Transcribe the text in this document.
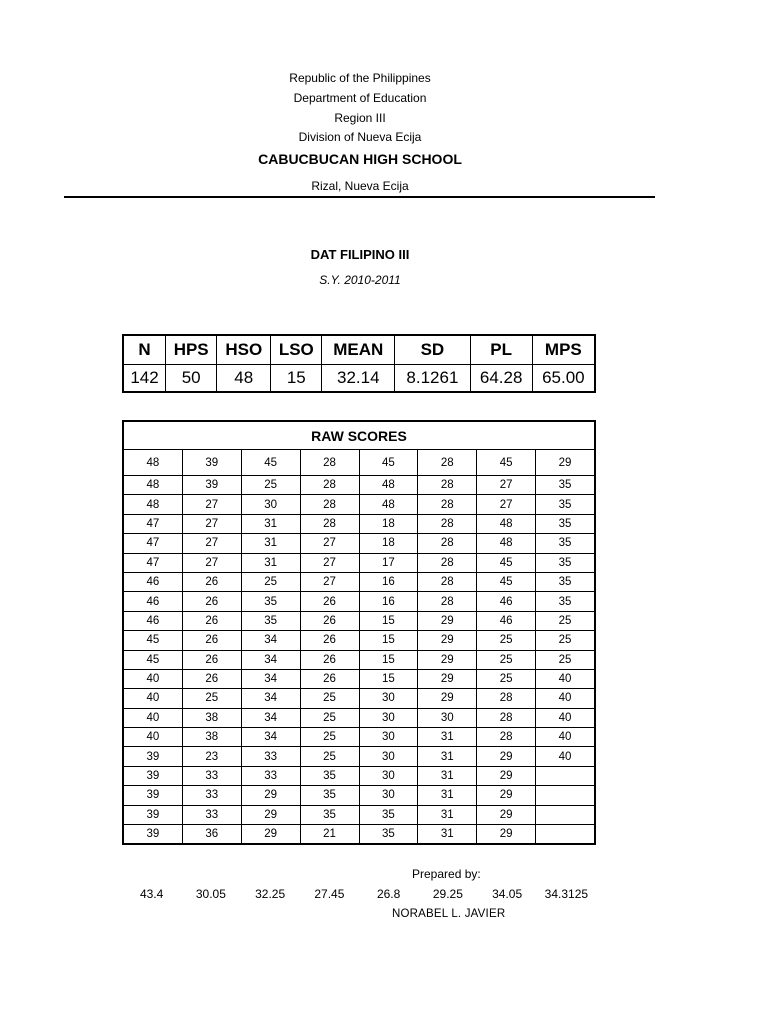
Republic of the Philippines
Department of Education
Region III
Division of Nueva Ecija
CABUCBUCAN HIGH SCHOOL
Rizal, Nueva Ecija
DAT FILIPINO III
S.Y. 2010-2011
N	HPS	HSO	LSO	MEAN	SD	PL	MPS
142	50	48	15	32.14	8.1261	64.28	65.00
RAW SCORES							
48	39	45	28	45	28	45	29
48	39	25	28	48	28	27	35
48	27	30	28	48	28	27	35
47	27	31	28	18	28	48	35
47	27	31	27	18	28	48	35
47	27	31	27	17	28	45	35
46	26	25	27	16	28	45	35
46	26	35	26	16	28	46	35
46	26	35	26	15	29	46	25
45	26	34	26	15	29	25	25
45	26	34	26	15	29	25	25
40	26	34	26	15	29	25	40
40	25	34	25	30	29	28	40
40	38	34	25	30	30	28	40
40	38	34	25	30	31	28	40
39	23	33	25	30	31	29	40
39	33	33	35	30	31	29	
39	33	29	35	30	31	29	
39	33	29	35	35	31	29	
39	36	29	21	35	31	29	
Prepared by:
43.4	30.05	32.25	27.45	26.8	29.25	34.05	34.3125
NORABEL L. JAVIER
